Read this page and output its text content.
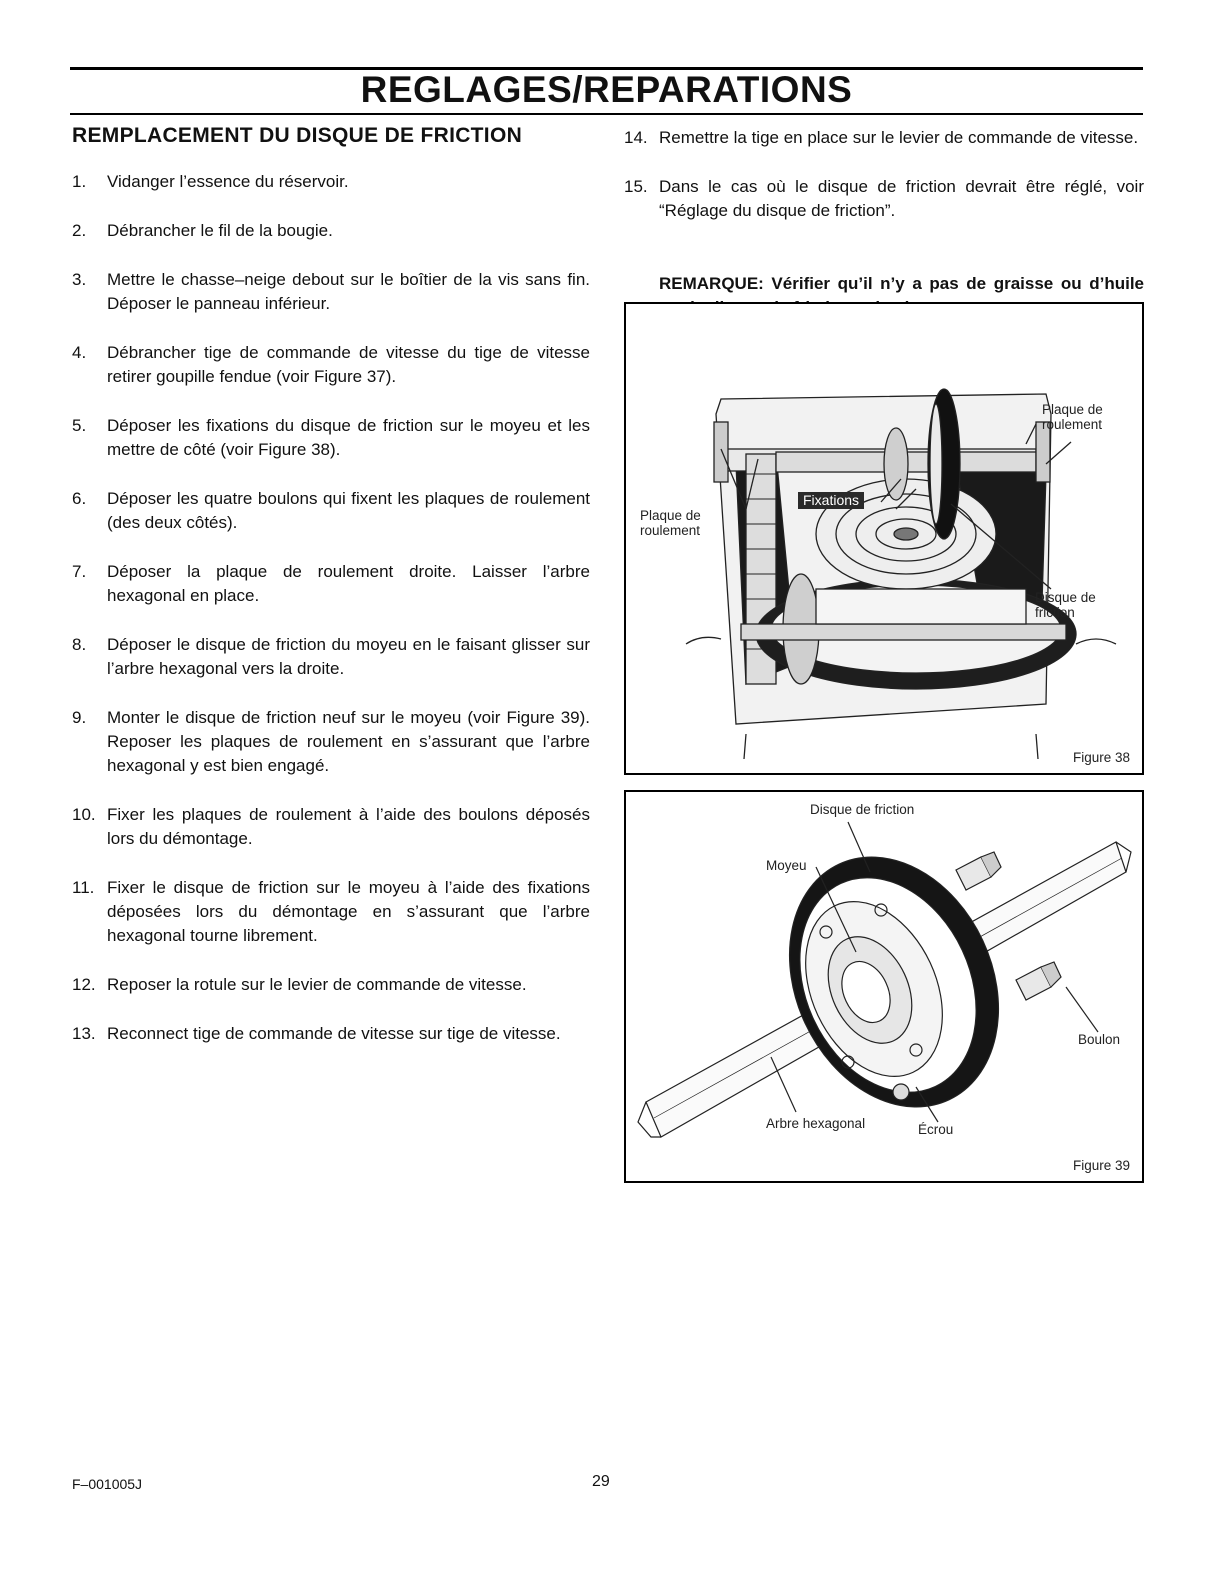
REGLAGES/REPARATIONS
REMPLACEMENT DU DISQUE DE FRICTION
1. Vidanger l’essence du réservoir.
2. Débrancher le fil de la bougie.
3. Mettre le chasse–neige debout sur le boîtier de la vis sans fin. Déposer le panneau inférieur.
4. Débrancher tige de commande de vitesse du tige de vitesse retirer goupille fendue (voir Figure 37).
5. Déposer les fixations du disque de friction sur le moyeu et les mettre de côté (voir Figure 38).
6. Déposer les quatre boulons qui fixent les plaques de roulement (des deux côtés).
7. Déposer la plaque de roulement droite. Laisser l’arbre hexagonal en place.
8. Déposer le disque de friction du moyeu en le faisant glisser sur l’arbre hexagonal vers la droite.
9. Monter le disque de friction neuf sur le moyeu (voir Figure 39). Reposer les plaques de roulement en s’assurant que l’arbre hexagonal y est bien engagé.
10. Fixer les plaques de roulement à l’aide des boulons déposés lors du démontage.
11. Fixer le disque de friction sur le moyeu à l’aide des fixations déposées lors du démontage en s’assurant que l’arbre hexagonal tourne librement.
12. Reposer la rotule sur le levier de commande de vitesse.
13. Reconnect tige de commande de vitesse sur tige de vitesse.
14. Remettre la tige en place sur le levier de commande de vitesse.
15. Dans le cas où le disque de friction devrait être réglé, voir “Réglage du disque de friction”.
REMARQUE: Vérifier qu’il n’y a pas de graisse ou d’huile
Plaque de
roulement
Plaque de
roulement
Fixations
Disque de
friction
Figure 38
Disque de friction
Moyeu
Boulon
Arbre hexagonal	Écrou
Figure 39
F–001005J	29
